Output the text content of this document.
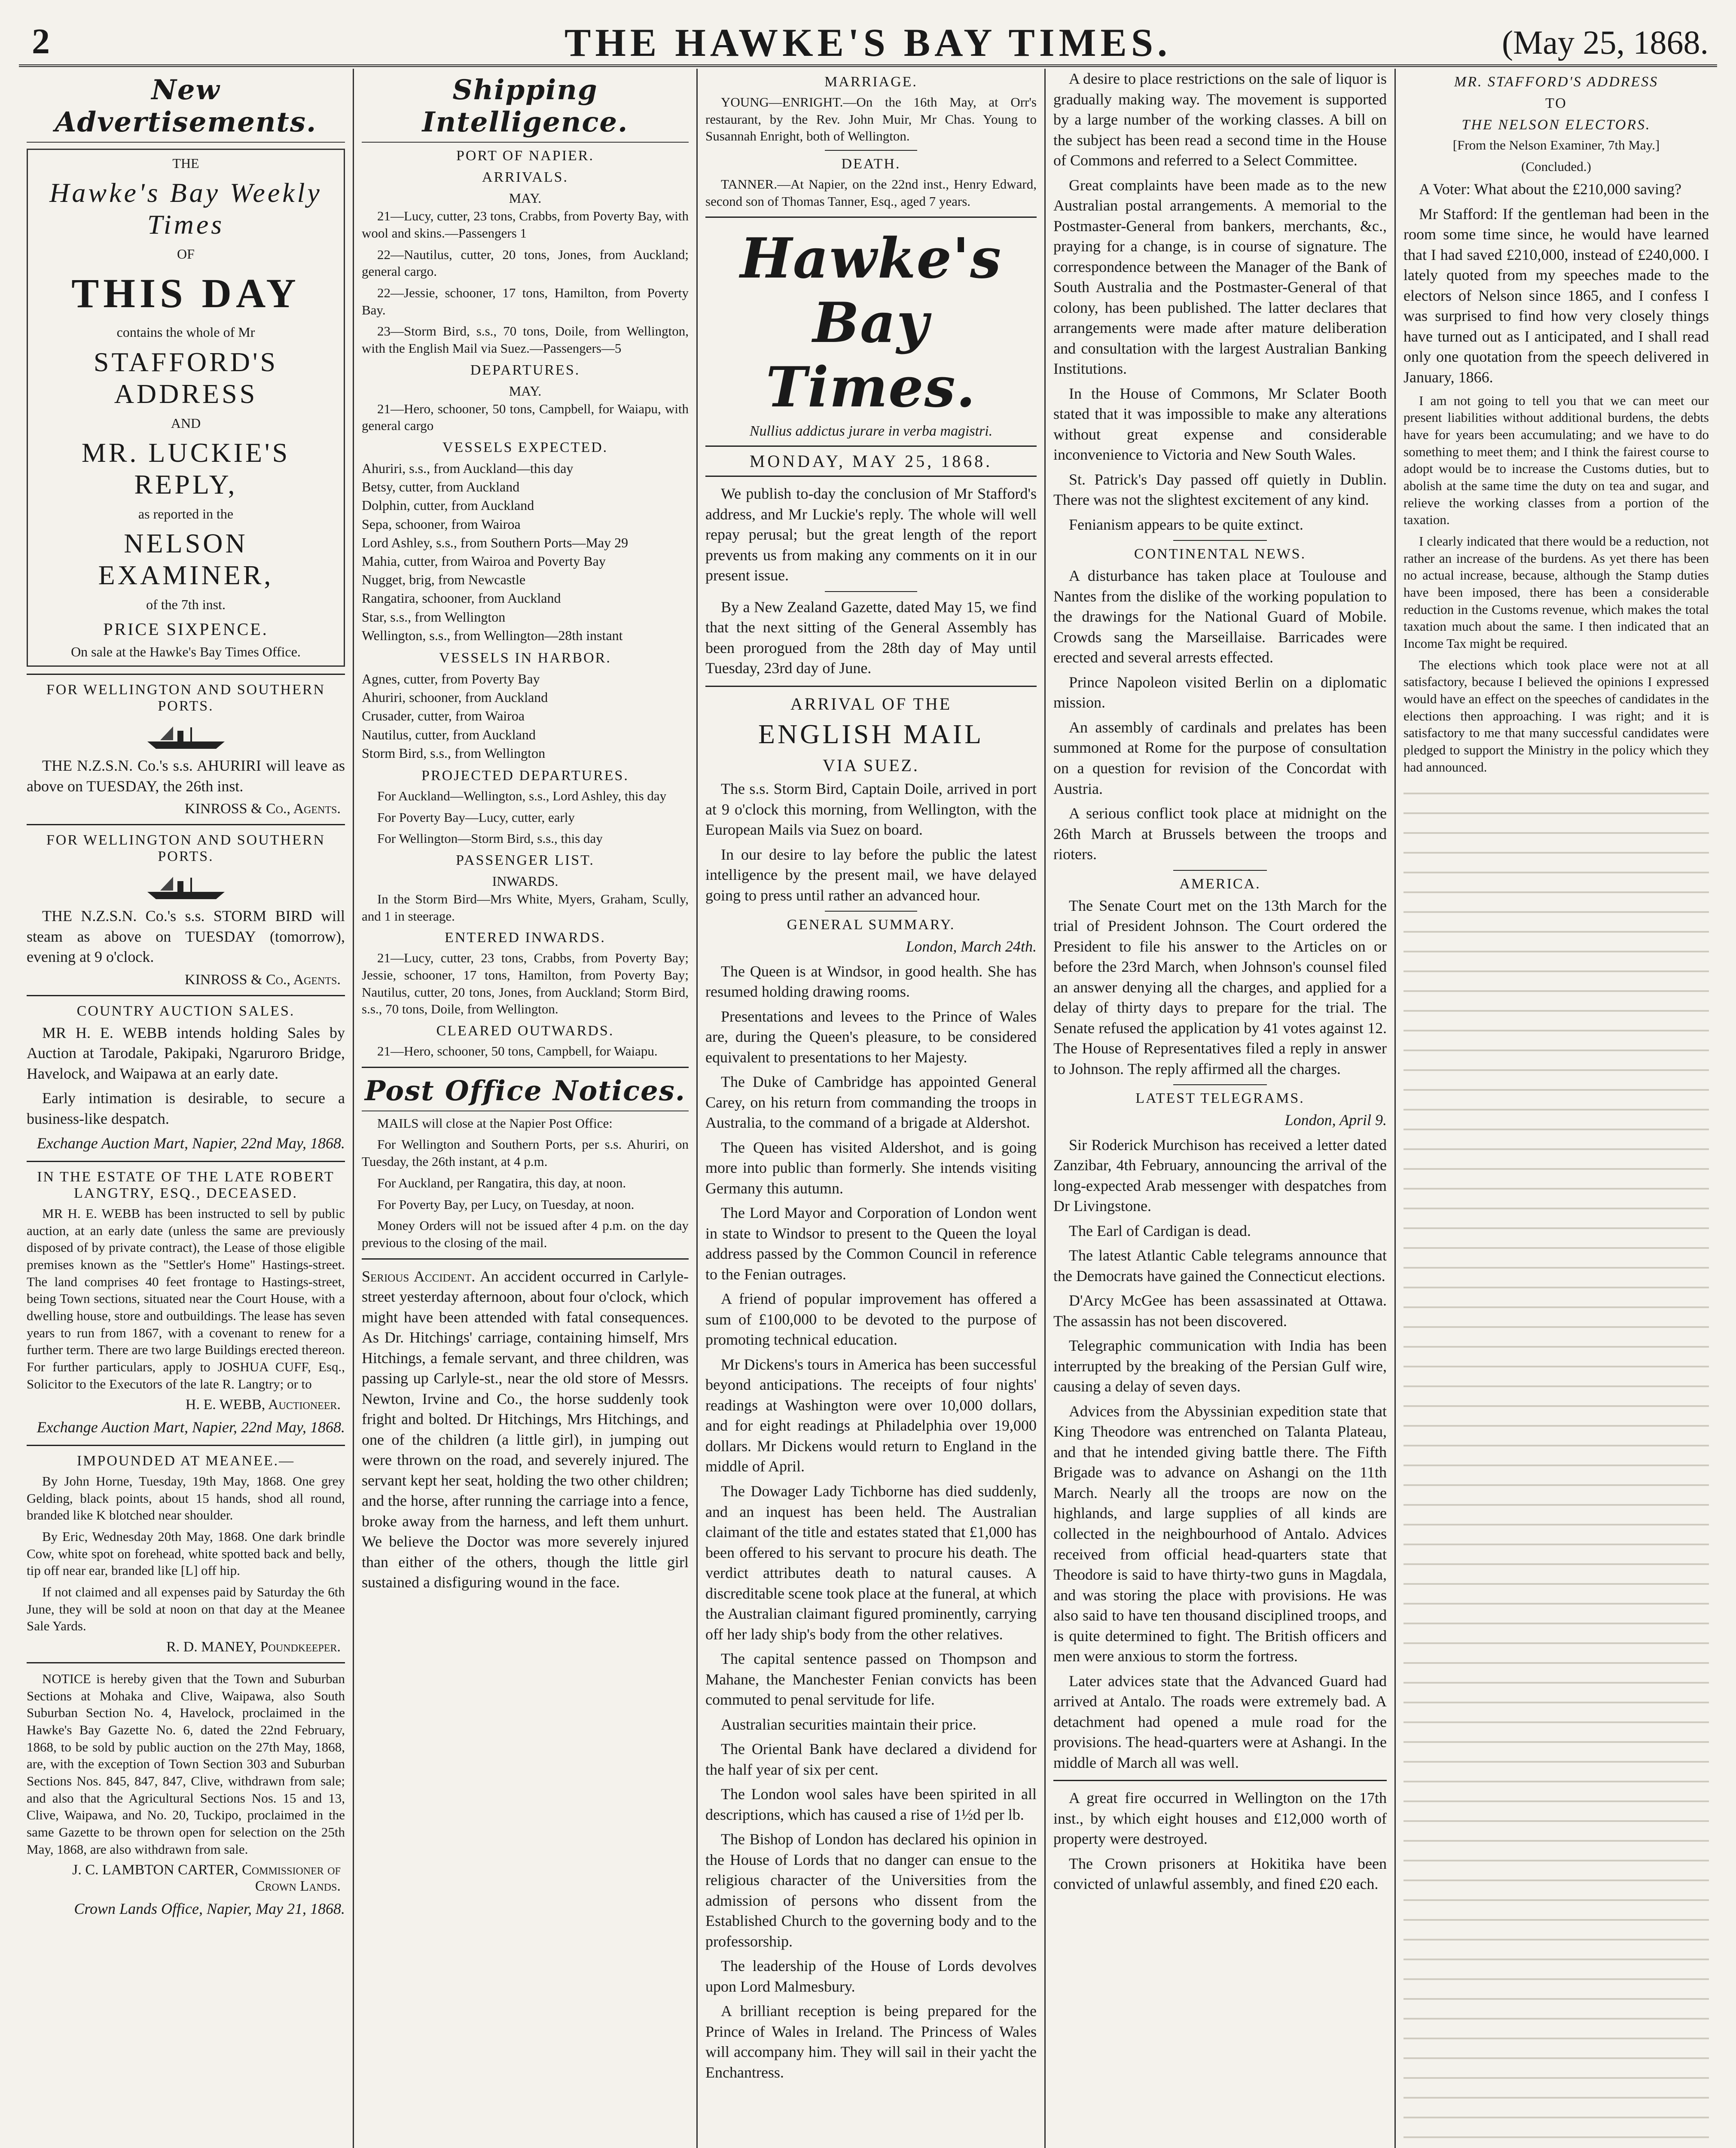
2	THE HAWKE'S BAY TIMES.	(May 25, 1868.
New Advertisements.

THE

Hawke's Bay Weekly Times

OF

THIS DAY

contains the whole of Mr

STAFFORD'S ADDRESS

AND

MR. LUCKIE'S REPLY,

as reported in the

NELSON EXAMINER,

of the 7th inst.

PRICE SIXPENCE.

On sale at the Hawke's Bay Times Office.

FOR WELLINGTON AND SOUTHERN PORTS.

THE N.Z.S.N. Co.'s s.s. AHURIRI will leave as above on TUESDAY, the 26th inst.

KINROSS & Co., Agents.
FOR WELLINGTON AND SOUTHERN PORTS.

THE N.Z.S.N. Co.'s s.s. STORM BIRD will steam as above on TUESDAY (tomorrow), evening at 9 o'clock.

KINROSS & Co., Agents.
COUNTRY AUCTION SALES.

MR H. E. WEBB intends holding Sales by Auction at Tarodale, Pakipaki, Ngaruroro Bridge, Havelock, and Waipawa at an early date.

Early intimation is desirable, to secure a business-like despatch.

Exchange Auction Mart, Napier, 22nd May, 1868.

IN THE ESTATE OF THE LATE ROBERT LANGTRY, ESQ., DECEASED.

MR H. E. WEBB has been instructed to sell by public auction, at an early date (unless the same are previously disposed of by private contract), the Lease of those eligible premises known as the "Settler's Home" Hastings-street. The land comprises 40 feet frontage to Hastings-street, being Town sections, situated near the Court House, with a dwelling house, store and outbuildings. The lease has seven years to run from 1867, with a covenant to renew for a further term. There are two large Buildings erected thereon. For further particulars, apply to JOSHUA CUFF, Esq., Solicitor to the Executors of the late R. Langtry; or to

H. E. WEBB, Auctioneer.

Exchange Auction Mart, Napier, 22nd May, 1868.

IMPOUNDED AT MEANEE.—

By John Horne, Tuesday, 19th May, 1868. One grey Gelding, black points, about 15 hands, shod all round, branded like K blotched near shoulder.

By Eric, Wednesday 20th May, 1868. One dark brindle Cow, white spot on forehead, white spotted back and belly, tip off near ear, branded like [L] off hip.

If not claimed and all expenses paid by Saturday the 6th June, they will be sold at noon on that day at the Meanee Sale Yards.

R. D. MANEY, Poundkeeper.

NOTICE is hereby given that the Town and Suburban Sections at Mohaka and Clive, Waipawa, also South Suburban Section No. 4, Havelock, proclaimed in the Hawke's Bay Gazette No. 6, dated the 22nd February, 1868, to be sold by public auction on the 27th May, 1868, are, with the exception of Town Section 303 and Suburban Sections Nos. 845, 847, 847, Clive, withdrawn from sale; and also that the Agricultural Sections Nos. 15 and 13, Clive, Waipawa, and No. 20, Tuckipo, proclaimed in the same Gazette to be thrown open for selection on the 25th May, 1868, are also withdrawn from sale.

J. C. LAMBTON CARTER, Commissioner of Crown Lands.

Crown Lands Office, Napier, May 21, 1868.

Shipping Intelligence.
PORT OF NAPIER.
ARRIVALS.

MAY.

21—Lucy, cutter, 23 tons, Crabbs, from Poverty Bay, with wool and skins.—Passengers 1

22—Nautilus, cutter, 20 tons, Jones, from Auckland; general cargo.

22—Jessie, schooner, 17 tons, Hamilton, from Poverty Bay.

23—Storm Bird, s.s., 70 tons, Doile, from Wellington, with the English Mail via Suez.—Passengers—5

DEPARTURES.

MAY.

21—Hero, schooner, 50 tons, Campbell, for Waiapu, with general cargo

VESSELS EXPECTED.

Ahuriri, s.s., from Auckland—this day

Betsy, cutter, from Auckland

Dolphin, cutter, from Auckland

Sepa, schooner, from Wairoa

Lord Ashley, s.s., from Southern Ports—May 29

Mahia, cutter, from Wairoa and Poverty Bay

Nugget, brig, from Newcastle

Rangatira, schooner, from Auckland

Star, s.s., from Wellington

Wellington, s.s., from Wellington—28th instant

VESSELS IN HARBOR.

Agnes, cutter, from Poverty Bay

Ahuriri, schooner, from Auckland

Crusader, cutter, from Wairoa

Nautilus, cutter, from Auckland

Storm Bird, s.s., from Wellington

PROJECTED DEPARTURES.

For Auckland—Wellington, s.s., Lord Ashley, this day

For Poverty Bay—Lucy, cutter, early

For Wellington—Storm Bird, s.s., this day

PASSENGER LIST.

INWARDS.

In the Storm Bird—Mrs White, Myers, Graham, Scully, and 1 in steerage.

ENTERED INWARDS.

21—Lucy, cutter, 23 tons, Crabbs, from Poverty Bay; Jessie, schooner, 17 tons, Hamilton, from Poverty Bay; Nautilus, cutter, 20 tons, Jones, from Auckland; Storm Bird, s.s., 70 tons, Doile, from Wellington.

CLEARED OUTWARDS.

21—Hero, schooner, 50 tons, Campbell, for Waiapu.

Post Office Notices.

MAILS will close at the Napier Post Office:

For Wellington and Southern Ports, per s.s. Ahuriri, on Tuesday, the 26th instant, at 4 p.m.

For Auckland, per Rangatira, this day, at noon.

For Poverty Bay, per Lucy, on Tuesday, at noon.

Money Orders will not be issued after 4 p.m. on the day previous to the closing of the mail.

Serious Accident. An accident occurred in Carlyle-street yesterday afternoon, about four o'clock, which might have been attended with fatal consequences. As Dr. Hitchings' carriage, containing himself, Mrs Hitchings, a female servant, and three children, was passing up Carlyle-st., near the old store of Messrs. Newton, Irvine and Co., the horse suddenly took fright and bolted. Dr Hitchings, Mrs Hitchings, and one of the children (a little girl), in jumping out were thrown on the road, and severely injured. The servant kept her seat, holding the two other children; and the horse, after running the carriage into a fence, broke away from the harness, and left them unhurt. We believe the Doctor was more severely injured than either of the others, though the little girl sustained a disfiguring wound in the face.

MARRIAGE.

YOUNG—ENRIGHT.—On the 16th May, at Orr's restaurant, by the Rev. John Muir, Mr Chas. Young to Susannah Enright, both of Wellington.

DEATH.

TANNER.—At Napier, on the 22nd inst., Henry Edward, second son of Thomas Tanner, Esq., aged 7 years.

Hawke's Bay Times.
Nullius addictus jurare in verba magistri.
MONDAY, MAY 25, 1868.

We publish to-day the conclusion of Mr Stafford's address, and Mr Luckie's reply. The whole will well repay perusal; but the great length of the report prevents us from making any comments on it in our present issue.

By a New Zealand Gazette, dated May 15, we find that the next sitting of the General Assembly has been prorogued from the 28th day of May until Tuesday, 23rd day of June.

ARRIVAL OF THE
ENGLISH MAIL
VIA SUEZ.

The s.s. Storm Bird, Captain Doile, arrived in port at 9 o'clock this morning, from Wellington, with the European Mails via Suez on board.

In our desire to lay before the public the latest intelligence by the present mail, we have delayed going to press until rather an advanced hour.

GENERAL SUMMARY.

London, March 24th.

The Queen is at Windsor, in good health. She has resumed holding drawing rooms.

Presentations and levees to the Prince of Wales are, during the Queen's pleasure, to be considered equivalent to presentations to her Majesty.

The Duke of Cambridge has appointed General Carey, on his return from commanding the troops in Australia, to the command of a brigade at Aldershot.

The Queen has visited Aldershot, and is going more into public than formerly. She intends visiting Germany this autumn.

The Lord Mayor and Corporation of London went in state to Windsor to present to the Queen the loyal address passed by the Common Council in reference to the Fenian outrages.

A friend of popular improvement has offered a sum of £100,000 to be devoted to the purpose of promoting technical education.

Mr Dickens's tours in America has been successful beyond anticipations. The receipts of four nights' readings at Washington were over 10,000 dollars, and for eight readings at Philadelphia over 19,000 dollars. Mr Dickens would return to England in the middle of April.

The Dowager Lady Tichborne has died suddenly, and an inquest has been held. The Australian claimant of the title and estates stated that £1,000 has been offered to his servant to procure his death. The verdict attributes death to natural causes. A discreditable scene took place at the funeral, at which the Australian claimant figured prominently, carrying off her lady ship's body from the other relatives.

The capital sentence passed on Thompson and Mahane, the Manchester Fenian convicts has been commuted to penal servitude for life.

Australian securities maintain their price.

The Oriental Bank have declared a dividend for the half year of six per cent.

The London wool sales have been spirited in all descriptions, which has caused a rise of 1½d per lb.

The Bishop of London has declared his opinion in the House of Lords that no danger can ensue to the religious character of the Universities from the admission of persons who dissent from the Established Church to the governing body and to the professorship.

The leadership of the House of Lords devolves upon Lord Malmesbury.

A brilliant reception is being prepared for the Prince of Wales in Ireland. The Princess of Wales will accompany him. They will sail in their yacht the Enchantress.

A desire to place restrictions on the sale of liquor is gradually making way. The movement is supported by a large number of the working classes. A bill on the subject has been read a second time in the House of Commons and referred to a Select Committee.

Great complaints have been made as to the new Australian postal arrangements. A memorial to the Postmaster-General from bankers, merchants, &c., praying for a change, is in course of signature. The correspondence between the Manager of the Bank of South Australia and the Postmaster-General of that colony, has been published. The latter declares that arrangements were made after mature deliberation and consultation with the largest Australian Banking Institutions.

In the House of Commons, Mr Sclater Booth stated that it was impossible to make any alterations without great expense and considerable inconvenience to Victoria and New South Wales.

St. Patrick's Day passed off quietly in Dublin. There was not the slightest excitement of any kind.

Fenianism appears to be quite extinct.

CONTINENTAL NEWS.

A disturbance has taken place at Toulouse and Nantes from the dislike of the working population to the drawings for the National Guard of Mobile. Crowds sang the Marseillaise. Barricades were erected and several arrests effected.

Prince Napoleon visited Berlin on a diplomatic mission.

An assembly of cardinals and prelates has been summoned at Rome for the purpose of consultation on a question for revision of the Concordat with Austria.

A serious conflict took place at midnight on the 26th March at Brussels between the troops and rioters.

AMERICA.

The Senate Court met on the 13th March for the trial of President Johnson. The Court ordered the President to file his answer to the Articles on or before the 23rd March, when Johnson's counsel filed an answer denying all the charges, and applied for a delay of thirty days to prepare for the trial. The Senate refused the application by 41 votes against 12. The House of Representatives filed a reply in answer to Johnson. The reply affirmed all the charges.

LATEST TELEGRAMS.

London, April 9.

Sir Roderick Murchison has received a letter dated Zanzibar, 4th February, announcing the arrival of the long-expected Arab messenger with despatches from Dr Livingstone.

The Earl of Cardigan is dead.

The latest Atlantic Cable telegrams announce that the Democrats have gained the Connecticut elections.

D'Arcy McGee has been assassinated at Ottawa. The assassin has not been discovered.

Telegraphic communication with India has been interrupted by the breaking of the Persian Gulf wire, causing a delay of seven days.

Advices from the Abyssinian expedition state that King Theodore was entrenched on Talanta Plateau, and that he intended giving battle there. The Fifth Brigade was to advance on Ashangi on the 11th March. Nearly all the troops are now on the highlands, and large supplies of all kinds are collected in the neighbourhood of Antalo. Advices received from official head-quarters state that Theodore is said to have thirty-two guns in Magdala, and was storing the place with provisions. He was also said to have ten thousand disciplined troops, and is quite determined to fight. The British officers and men were anxious to storm the fortress.

Later advices state that the Advanced Guard had arrived at Antalo. The roads were extremely bad. A detachment had opened a mule road for the provisions. The head-quarters were at Ashangi. In the middle of March all was well.

A great fire occurred in Wellington on the 17th inst., by which eight houses and £12,000 worth of property were destroyed.

The Crown prisoners at Hokitika have been convicted of unlawful assembly, and fined £20 each.

MR. STAFFORD'S ADDRESS
TO
THE NELSON ELECTORS.

[From the Nelson Examiner, 7th May.]

(Concluded.)

A Voter: What about the £210,000 saving?

Mr Stafford: If the gentleman had been in the room some time since, he would have learned that I had saved £210,000, instead of £240,000. I lately quoted from my speeches made to the electors of Nelson since 1865, and I confess I was surprised to find how very closely things have turned out as I anticipated, and I shall read only one quotation from the speech delivered in January, 1866.

I am not going to tell you that we can meet our present liabilities without additional burdens, the debts have for years been accumulating; and we have to do something to meet them; and I think the fairest course to adopt would be to increase the Customs duties, but to abolish at the same time the duty on tea and sugar, and relieve the working classes from a portion of the taxation.

I clearly indicated that there would be a reduction, not rather an increase of the burdens. As yet there has been no actual increase, because, although the Stamp duties have been imposed, there has been a considerable reduction in the Customs revenue, which makes the total taxation much about the same. I then indicated that an Income Tax might be required.

The elections which took place were not at all satisfactory, because I believed the opinions I expressed would have an effect on the speeches of candidates in the elections then approaching. I was right; and it is satisfactory to me that many successful candidates were pledged to support the Ministry in the policy which they had announced.
